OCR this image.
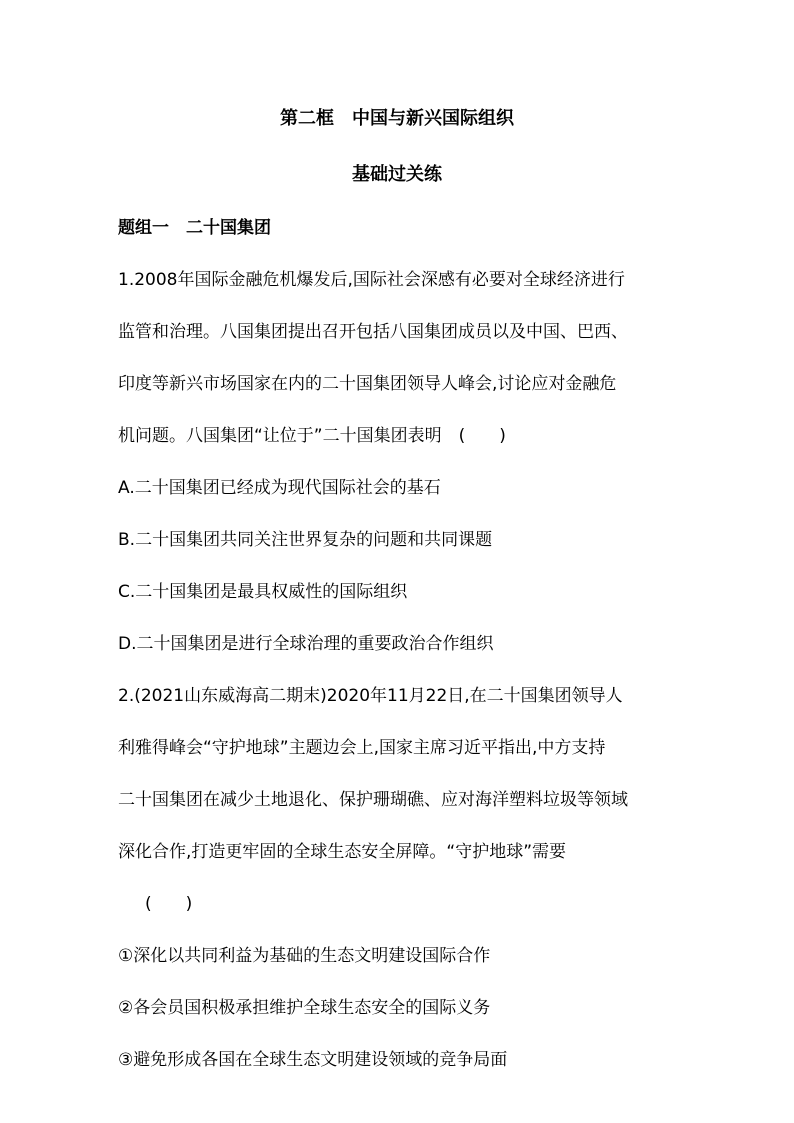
第二框　中国与新兴国际组织
基础过关练
题组一　二十国集团
1.2008年国际金融危机爆发后,国际社会深感有必要对全球经济进行
监管和治理。八国集团提出召开包括八国集团成员以及中国、巴西、
印度等新兴市场国家在内的二十国集团领导人峰会,讨论应对金融危
机问题。八国集团“让位于”二十国集团表明　(　　)
A.二十国集团已经成为现代国际社会的基石
B.二十国集团共同关注世界复杂的问题和共同课题
C.二十国集团是最具权威性的国际组织
D.二十国集团是进行全球治理的重要政治合作组织
2.(2021山东威海高二期末)2020年11月22日,在二十国集团领导人
利雅得峰会“守护地球”主题边会上,国家主席习近平指出,中方支持
二十国集团在减少土地退化、保护珊瑚礁、应对海洋塑料垃圾等领域
深化合作,打造更牢固的全球生态安全屏障。“守护地球”需要
　(　　)
①深化以共同利益为基础的生态文明建设国际合作
②各会员国积极承担维护全球生态安全的国际义务
③避免形成各国在全球生态文明建设领域的竞争局面
